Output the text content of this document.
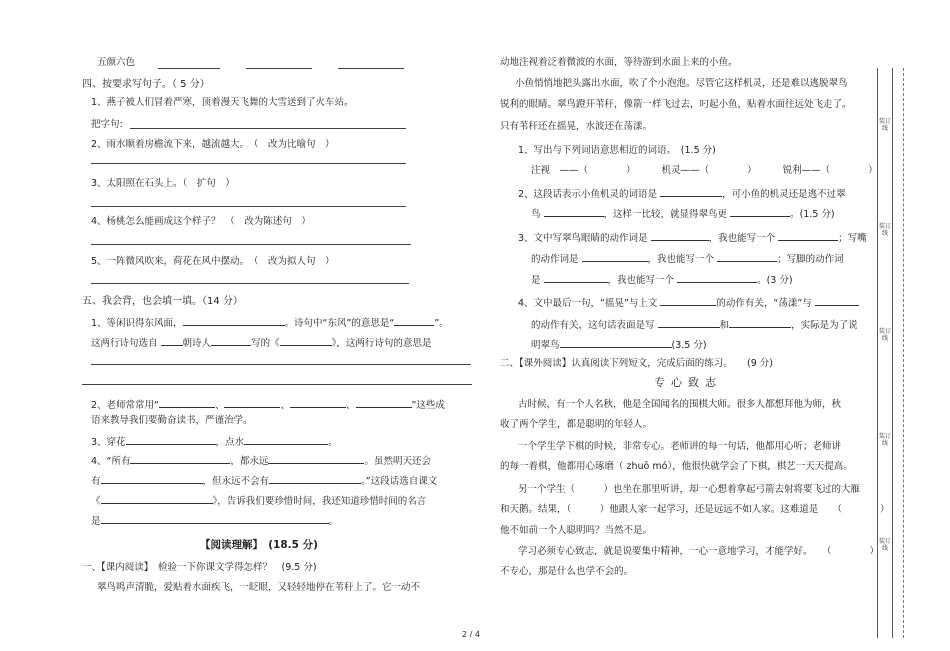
五颜六色
四、按要求写句子。（ 5 分）
1、燕子被人们冒着严寒，顶着漫天飞舞的大雪送到了火车站。
把字句:
2、雨水顺着房檐流下来，越流越大。　（　改为比喻句　）
3、太阳照在石头上。（　扩句　）
4、杨桃怎么能画成这个样子？　（　改为陈述句　）
5、一阵微风吹来，荷花在风中摆动。　（　改为拟人句　）
五、我会背，也会填一填。（14 分）
1、等闲识得东风面，	。诗句中“东风”的意思是“	”。
这两行诗句选自	朝诗人	写的《	》，这两行诗句的意思是
2、老师常常用“	、	、	、	”这些成
语来教导我们要勤奋读书，严谨治学。
3、穿花	，点水	。
4、“所有	，都永远	。虽然明天还会
有	，但永远不会有	。”这段话选自课文
《	》，告诉我们要珍惜时间，我还知道珍惜时间的名言
是	。
【阅读理解】　(18.5 分)
一、【课内阅读】　检验一下你课文学得怎样？　(9.5 分)
翠鸟鸣声清脆，爱贴着水面疾飞，一眨眼，又轻轻地停在苇秆上了。它一动不
动地注视着泛着微波的水面，等待游到水面上来的小鱼。
小鱼悄悄地把头露出水面，吹了个小泡泡。尽管它这样机灵，还是难以逃脱翠鸟
锐利的眼睛。翠鸟蹬开苇秆，像箭一样飞过去，叼起小鱼，贴着水面往远处飞走了。
只有苇秆还在摇晃，水波还在荡漾。
1、写出与下列词语意思相近的词语。　(1.5 分)
注视　——（　　　　）	机灵——（　　　　）	锐利——（　　　　）
2、这段话表示小鱼机灵的词语是	，可小鱼的机灵还是逃不过翠
鸟	，这样一比较，就显得翠鸟更	。(1.5 分)
3、文中写翠鸟眼睛的动作词是	，我也能写一个	；写嘴
的动作词是	，我也能写一个	；写脚的动作词
是	，我也能写一个	。(3 分)
4、文中最后一句，“摇晃”与上文	的动作有关，“荡漾”与
的动作有关，这句话表面是写	和	，实际是为了说
明翠鸟	(3.5 分)
二、【课外阅读】认真阅读下列短文，完成后面的练习。　　(9 分)
专心致志
古时候，有一个人名秋，他是全国闻名的围棋大师。很多人都想拜他为师，秋
收了两个学生，都是聪明的年轻人。
一个学生学下棋的时候，非常专心。老师讲的每一句话，他都用心听；老师讲
的每一着棋，他都用心琢磨（ zhuō mó），他很快就学会了下棋，棋艺一天天提高。
另一个学生（　　　）也坐在那里听讲，却一心想着拿起弓箭去射将要飞过的大雁
和天鹅。结果，（　　　）他跟人家一起学习，还是远远不如人家。这难道是　　（　　　　）
他不如前一个人聪明吗？当然不是。
学习必须专心致志，就是说要集中精神，一心一意地学习，才能学好。　　（　　　　）
不专心，那是什么也学不会的。
装订线
装订线
装订线
装订线
装订线
2 / 4
